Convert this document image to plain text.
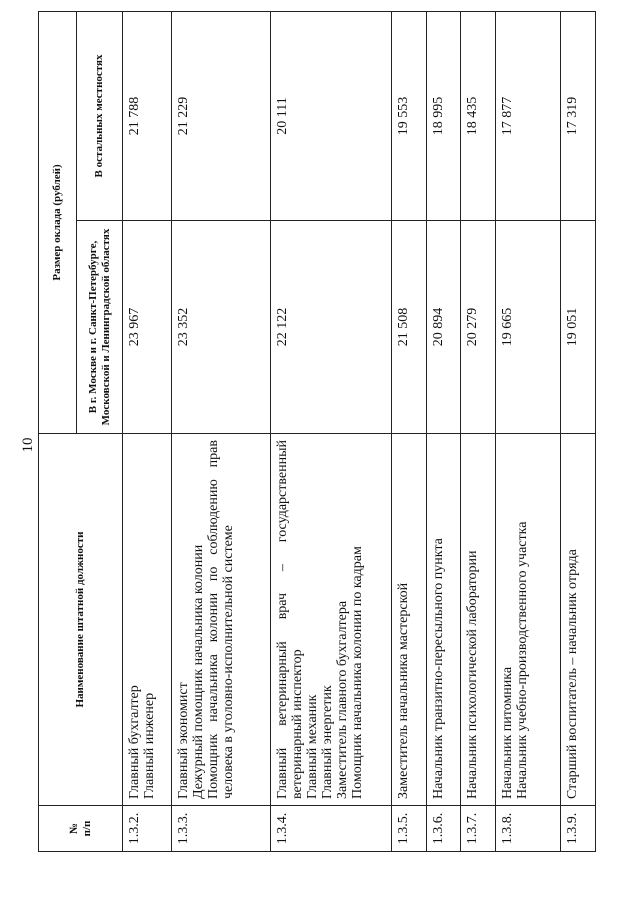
10
№
п/п	Наименование штатной должности	Размер оклада (рублей)	
		В г. Москве и г. Санкт-Петербурге, Московской и Ленинградской областях	В остальных местностях
1.3.2.	Главный бухгалтер Главный инженер	23 967	21 788
1.3.3.	Главный экономист Дежурный помощник начальника колонии Помощник начальника колонии по соблюдению прав человека в уголовно-исполнительной системе	23 352	21 229
1.3.4.	Главный ветеринарный врач – государственный ветеринарный инспектор Главный механик Главный энергетик Заместитель главного бухгалтера Помощник начальника колонии по кадрам	22 122	20 111
1.3.5.	Заместитель начальника мастерской	21 508	19 553
1.3.6.	Начальник транзитно-пересыльного пункта	20 894	18 995
1.3.7.	Начальник психологической лаборатории	20 279	18 435
1.3.8.	Начальник питомника Начальник учебно-производственного участка	19 665	17 877
1.3.9.	Старший воспитатель – начальник отряда	19 051	17 319
